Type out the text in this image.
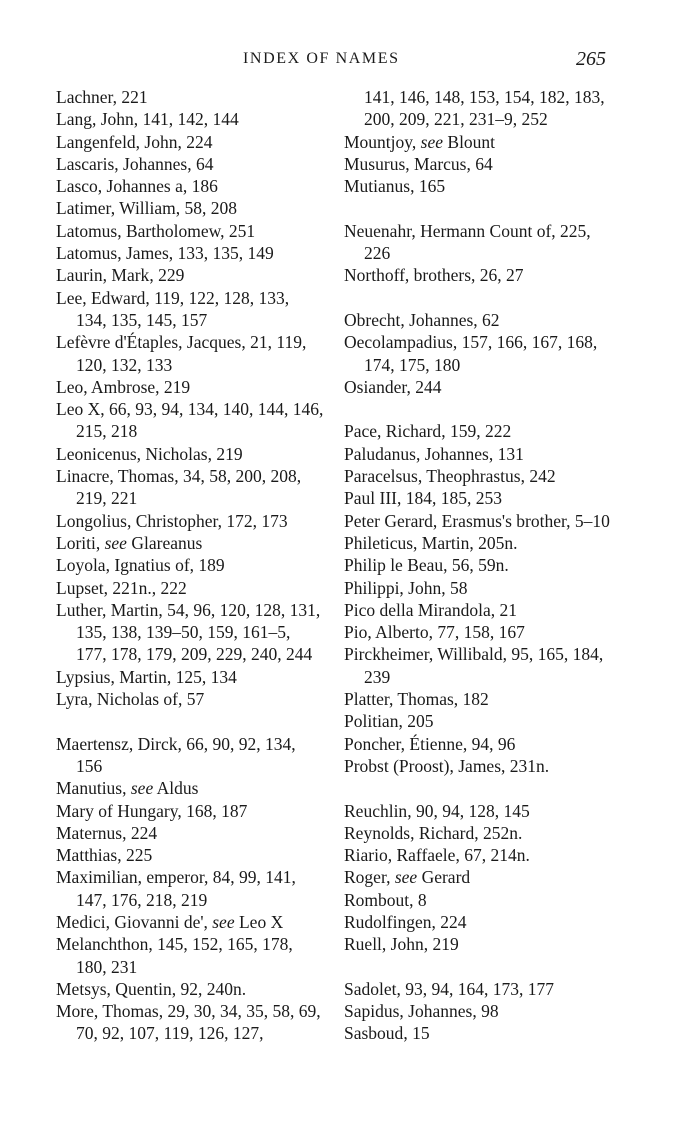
INDEX OF NAMES	265
Lachner, 221
Lang, John, 141, 142, 144
Langenfeld, John, 224
Lascaris, Johannes, 64
Lasco, Johannes a, 186
Latimer, William, 58, 208
Latomus, Bartholomew, 251
Latomus, James, 133, 135, 149
Laurin, Mark, 229
Lee, Edward, 119, 122, 128, 133, 134, 135, 145, 157
Lefèvre d'Étaples, Jacques, 21, 119, 120, 132, 133
Leo, Ambrose, 219
Leo X, 66, 93, 94, 134, 140, 144, 146, 215, 218
Leonicenus, Nicholas, 219
Linacre, Thomas, 34, 58, 200, 208, 219, 221
Longolius, Christopher, 172, 173
Loriti, see Glareanus
Loyola, Ignatius of, 189
Lupset, 221n., 222
Luther, Martin, 54, 96, 120, 128, 131, 135, 138, 139–50, 159, 161–5, 177, 178, 179, 209, 229, 240, 244
Lypsius, Martin, 125, 134
Lyra, Nicholas of, 57
Maertensz, Dirck, 66, 90, 92, 134, 156
Manutius, see Aldus
Mary of Hungary, 168, 187
Maternus, 224
Matthias, 225
Maximilian, emperor, 84, 99, 141, 147, 176, 218, 219
Medici, Giovanni de', see Leo X
Melanchthon, 145, 152, 165, 178, 180, 231
Metsys, Quentin, 92, 240n.
More, Thomas, 29, 30, 34, 35, 58, 69, 70, 92, 107, 119, 126, 127,
141, 146, 148, 153, 154, 182, 183, 200, 209, 221, 231–9, 252
Mountjoy, see Blount
Musurus, Marcus, 64
Mutianus, 165
Neuenahr, Hermann Count of, 225, 226
Northoff, brothers, 26, 27
Obrecht, Johannes, 62
Oecolampadius, 157, 166, 167, 168, 174, 175, 180
Osiander, 244
Pace, Richard, 159, 222
Paludanus, Johannes, 131
Paracelsus, Theophrastus, 242
Paul III, 184, 185, 253
Peter Gerard, Erasmus's brother, 5–10
Phileticus, Martin, 205n.
Philip le Beau, 56, 59n.
Philippi, John, 58
Pico della Mirandola, 21
Pio, Alberto, 77, 158, 167
Pirckheimer, Willibald, 95, 165, 184, 239
Platter, Thomas, 182
Politian, 205
Poncher, Étienne, 94, 96
Probst (Proost), James, 231n.
Reuchlin, 90, 94, 128, 145
Reynolds, Richard, 252n.
Riario, Raffaele, 67, 214n.
Roger, see Gerard
Rombout, 8
Rudolfingen, 224
Ruell, John, 219
Sadolet, 93, 94, 164, 173, 177
Sapidus, Johannes, 98
Sasboud, 15
